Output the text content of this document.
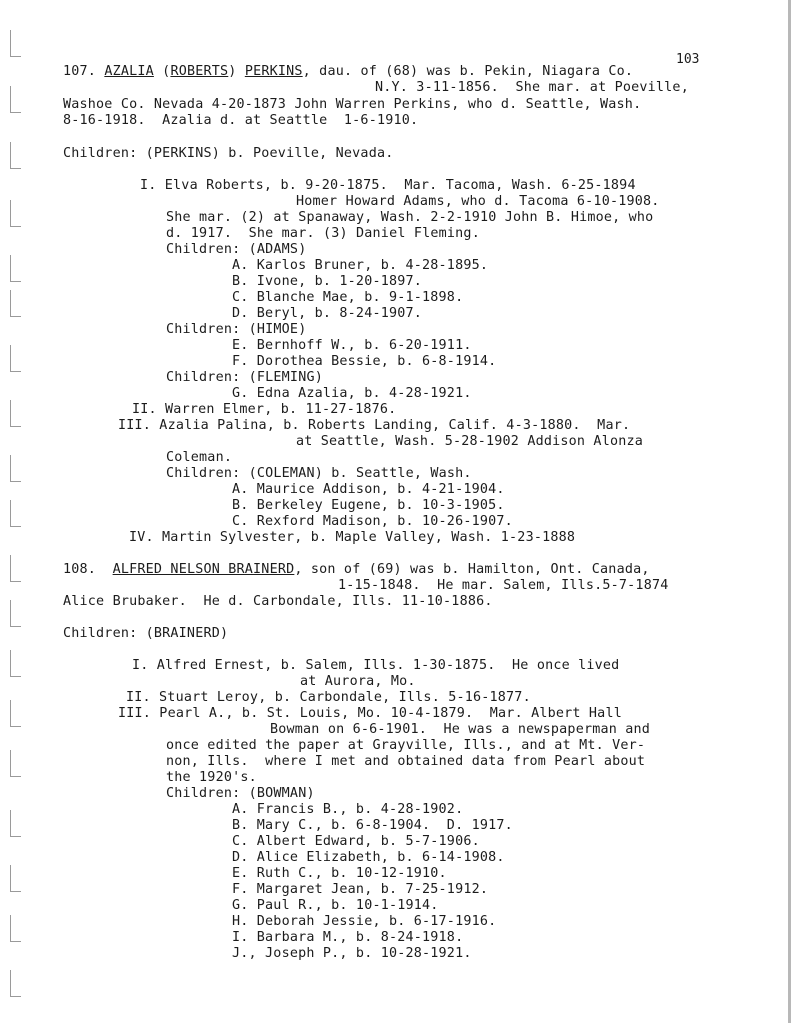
103
107. AZALIA (ROBERTS) PERKINS, dau. of (68) was b. Pekin, Niagara Co.
N.Y. 3-11-1856.  She mar. at Poeville,
Washoe Co. Nevada 4-20-1873 John Warren Perkins, who d. Seattle, Wash.
8-16-1918.  Azalia d. at Seattle  1-6-1910.
Children: (PERKINS) b. Poeville, Nevada.
I. Elva Roberts, b. 9-20-1875.  Mar. Tacoma, Wash. 6-25-1894
Homer Howard Adams, who d. Tacoma 6-10-1908.
She mar. (2) at Spanaway, Wash. 2-2-1910 John B. Himoe, who
d. 1917.  She mar. (3) Daniel Fleming.
Children: (ADAMS)
A. Karlos Bruner, b. 4-28-1895.
B. Ivone, b. 1-20-1897.
C. Blanche Mae, b. 9-1-1898.
D. Beryl, b. 8-24-1907.
Children: (HIMOE)
E. Bernhoff W., b. 6-20-1911.
F. Dorothea Bessie, b. 6-8-1914.
Children: (FLEMING)
G. Edna Azalia, b. 4-28-1921.
II. Warren Elmer, b. 11-27-1876.
III. Azalia Palina, b. Roberts Landing, Calif. 4-3-1880.  Mar.
at Seattle, Wash. 5-28-1902 Addison Alonza
Coleman.
Children: (COLEMAN) b. Seattle, Wash.
A. Maurice Addison, b. 4-21-1904.
B. Berkeley Eugene, b. 10-3-1905.
C. Rexford Madison, b. 10-26-1907.
IV. Martin Sylvester, b. Maple Valley, Wash. 1-23-1888
108. ALFRED NELSON BRAINERD, son of (69) was b. Hamilton, Ont. Canada,
1-15-1848.  He mar. Salem, Ills.5-7-1874
Alice Brubaker.  He d. Carbondale, Ills. 11-10-1886.
Children: (BRAINERD)
I. Alfred Ernest, b. Salem, Ills. 1-30-1875.  He once lived
at Aurora, Mo.
II. Stuart Leroy, b. Carbondale, Ills. 5-16-1877.
III. Pearl A., b. St. Louis, Mo. 10-4-1879.  Mar. Albert Hall
Bowman on 6-6-1901.  He was a newspaperman and
once edited the paper at Grayville, Ills., and at Mt. Ver-
non, Ills.  where I met and obtained data from Pearl about
the 1920's.
Children: (BOWMAN)
A. Francis B., b. 4-28-1902.
B. Mary C., b. 6-8-1904.  D. 1917.
C. Albert Edward, b. 5-7-1906.
D. Alice Elizabeth, b. 6-14-1908.
E. Ruth C., b. 10-12-1910.
F. Margaret Jean, b. 7-25-1912.
G. Paul R., b. 10-1-1914.
H. Deborah Jessie, b. 6-17-1916.
I. Barbara M., b. 8-24-1918.
J., Joseph P., b. 10-28-1921.
